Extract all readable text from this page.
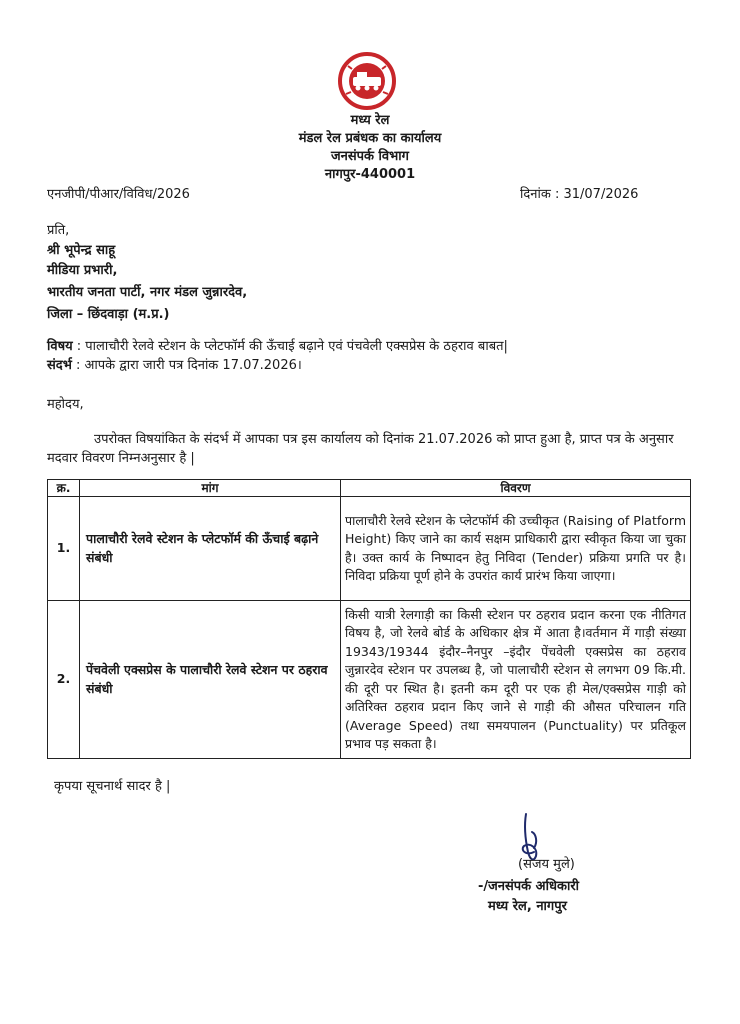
मध्य रेल
मंडल रेल प्रबंधक का कार्यालय
जनसंपर्क विभाग
नागपुर-440001
एनजीपी/पीआर/विविध/2026	दिनांक : 31/07/2026
प्रति,
श्री भूपेन्द्र साहू
मीडिया प्रभारी,
भारतीय जनता पार्टी, नगर मंडल जुन्नारदेव,
जिला – छिंदवाड़ा (म.प्र.)
विषय : पालाचौरी रेलवे स्टेशन के प्लेटफॉर्म की ऊँचाई बढ़ाने एवं पंचवेली एक्सप्रेस के ठहराव बाबत|
संदर्भ : आपके द्वारा जारी पत्र दिनांक 17.07.2026।
महोदय,
उपरोक्त विषयांकित के संदर्भ में आपका पत्र इस कार्यालय को दिनांक 21.07.2026 को प्राप्त हुआ है, प्राप्त पत्र के अनुसार मदवार विवरण निम्नअनुसार है |
क्र.	मांग	विवरण
1.	पालाचौरी रेलवे स्टेशन के प्लेटफॉर्म की ऊँचाई बढ़ाने संबंधी	पालाचौरी रेलवे स्टेशन के प्लेटफॉर्म की उच्चीकृत (Raising of Platform Height) किए जाने का कार्य सक्षम प्राधिकारी द्वारा स्वीकृत किया जा चुका है। उक्त कार्य के निष्पादन हेतु निविदा (Tender) प्रक्रिया प्रगति पर है। निविदा प्रक्रिया पूर्ण होने के उपरांत कार्य प्रारंभ किया जाएगा।
2.	पेंचवेली एक्सप्रेस के पालाचौरी रेलवे स्टेशन पर ठहराव संबंधी	किसी यात्री रेलगाड़ी का किसी स्टेशन पर ठहराव प्रदान करना एक नीतिगत विषय है, जो रेलवे बोर्ड के अधिकार क्षेत्र में आता है।वर्तमान में गाड़ी संख्या 19343/19344 इंदौर–नैनपुर –इंदौर पेंचवेली एक्सप्रेस का ठहराव जुन्नारदेव स्टेशन पर उपलब्ध है, जो पालाचौरी स्टेशन से लगभग 09 कि.मी. की दूरी पर स्थित है। इतनी कम दूरी पर एक ही मेल/एक्सप्रेस गाड़ी को अतिरिक्त ठहराव प्रदान किए जाने से गाड़ी की औसत परिचालन गति (Average Speed) तथा समयपालन (Punctuality) पर प्रतिकूल प्रभाव पड़ सकता है।
कृपया सूचनार्थ सादर है |
(संजय मुले)
-/जनसंपर्क अधिकारी
मध्य रेल, नागपुर
